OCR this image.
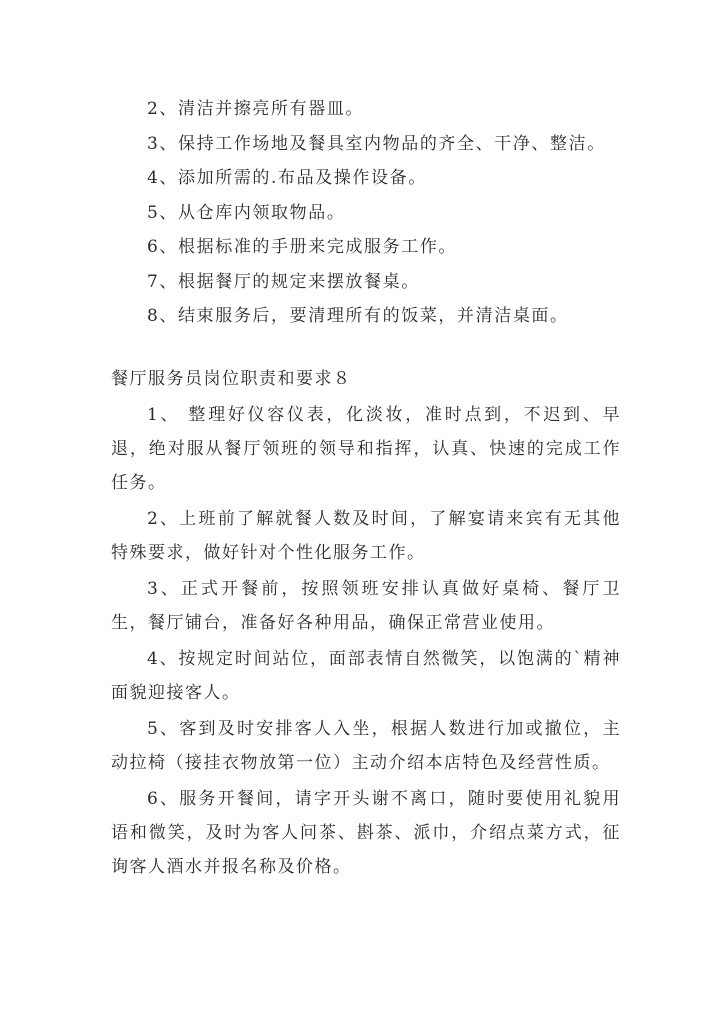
2、清洁并擦亮所有器皿。
3、保持工作场地及餐具室内物品的齐全、干净、整洁。
4、添加所需的.布品及操作设备。
5、从仓库内领取物品。
6、根据标准的手册来完成服务工作。
7、根据餐厅的规定来摆放餐桌。
8、结束服务后，要清理所有的饭菜，并清洁桌面。
餐厅服务员岗位职责和要求８

1、 整理好仪容仪表，化淡妆，准时点到，不迟到、早退，绝对服从餐厅领班的领导和指挥，认真、快速的完成工作任务。

2、上班前了解就餐人数及时间，了解宴请来宾有无其他特殊要求，做好针对个性化服务工作。

3、正式开餐前，按照领班安排认真做好桌椅、餐厅卫生，餐厅铺台，准备好各种用品，确保正常营业使用。

4、按规定时间站位，面部表情自然微笑，以饱满的`精神面貌迎接客人。

5、客到及时安排客人入坐，根据人数进行加或撤位，主动拉椅（接挂衣物放第一位）主动介绍本店特色及经营性质。

6、服务开餐间，请字开头谢不离口，随时要使用礼貌用语和微笑，及时为客人问茶、斟茶、派巾，介绍点菜方式，征询客人酒水并报名称及价格。
